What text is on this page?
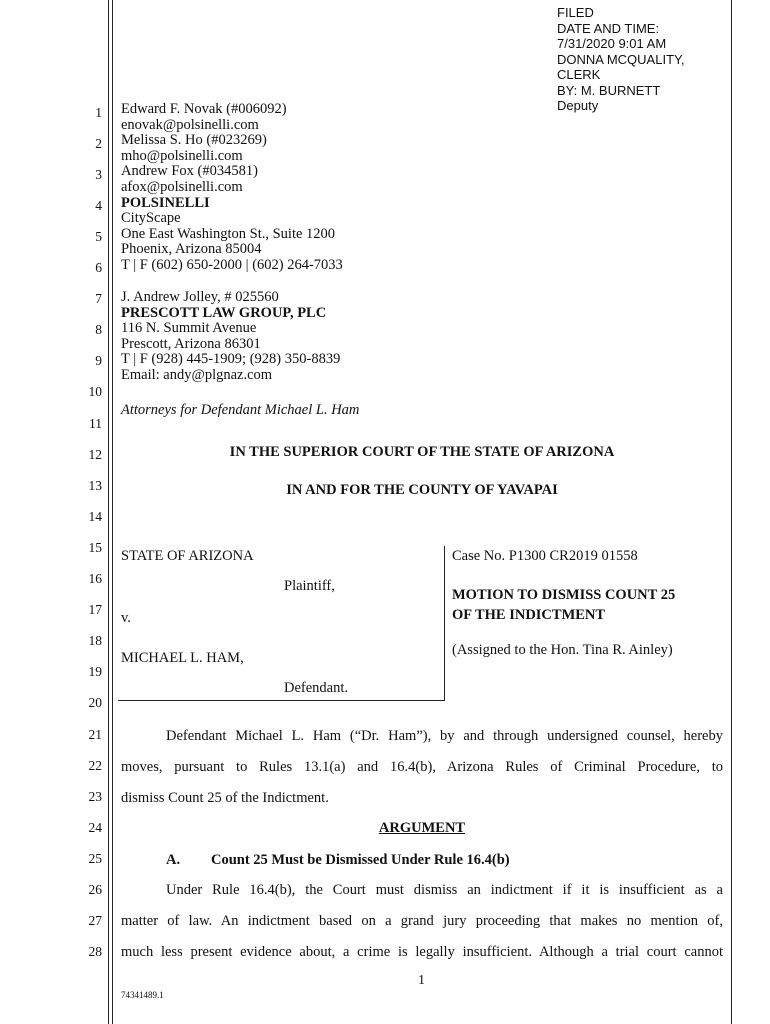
FILED
DATE AND TIME:
7/31/2020 9:01 AM
DONNA MCQUALITY,
CLERK
BY: M. BURNETT
Deputy
1
2
3
4
5
6
7
8
9
10
11
12
13
14
15
16
17
18
19
20
21
22
23
24
25
26
27
28
Edward F. Novak (#006092)
enovak@polsinelli.com
Melissa S. Ho (#023269)
mho@polsinelli.com
Andrew Fox (#034581)
afox@polsinelli.com
POLSINELLI
CityScape
One East Washington St., Suite 1200
Phoenix, Arizona 85004
T | F (602) 650-2000 | (602) 264-7033
J. Andrew Jolley, # 025560
PRESCOTT LAW GROUP, PLC
116 N. Summit Avenue
Prescott, Arizona 86301
T | F (928) 445-1909; (928) 350-8839
Email: andy@plgnaz.com
Attorneys for Defendant Michael L. Ham
IN THE SUPERIOR COURT OF THE STATE OF ARIZONA
IN AND FOR THE COUNTY OF YAVAPAI
STATE OF ARIZONA
Plaintiff,
v.
MICHAEL L. HAM,
Defendant.
Case No. P1300 CR2019 01558
MOTION TO DISMISS COUNT 25
OF THE INDICTMENT
(Assigned to the Hon. Tina R. Ainley)
Defendant Michael L. Ham (“Dr. Ham”), by and through undersigned counsel, hereby
moves, pursuant to Rules 13.1(a) and 16.4(b), Arizona Rules of Criminal Procedure, to
dismiss Count 25 of the Indictment.
ARGUMENT
A. Count 25 Must be Dismissed Under Rule 16.4(b)
Under Rule 16.4(b), the Court must dismiss an indictment if it is insufficient as a
matter of law. An indictment based on a grand jury proceeding that makes no mention of,
much less present evidence about, a crime is legally insufficient. Although a trial court cannot
1
74341489.1
